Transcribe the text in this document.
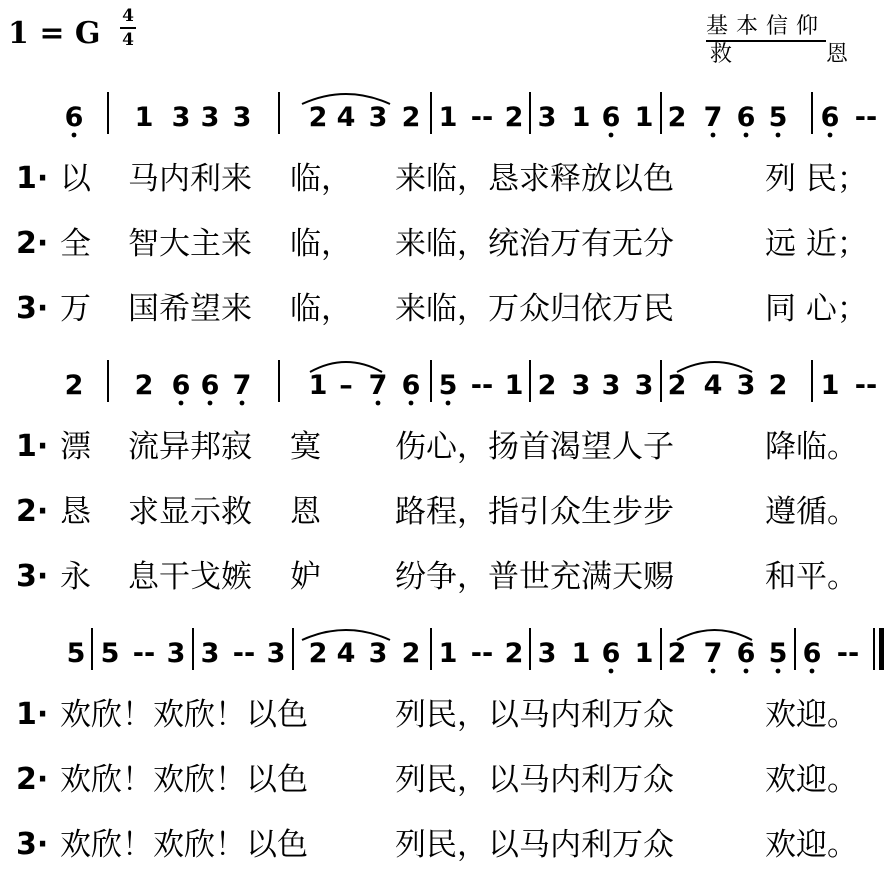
1 = G 4
4
基本信仰
救	恩
6 1 3 3 3 2 4 3 2 1 -- 2 3 1 6 1 2 7 6 5 6 --
1· 以 马内利来 临， 来临，恳求释放以色	列 民；
2· 全 智大主来 临， 来临，统治万有无分	远 近；
3· 万 国希望来 临， 来临，万众归依万民	同 心；
2 2 6 6 7 1 – 7 6 5 -- 1 2 3 3 3 2 4 3 2 1 --
1· 漂 流异邦寂 寞 伤心，扬首渴望人子	降临。
2· 恳 求显示救 恩 路程，指引众生步步	遵循。
3· 永 息干戈嫉 妒 纷争，普世充满天赐	和平。
5 5 -- 3 3 -- 3 2 4 3 2 1 -- 2 3 1 6 1 2 7 6 5 6 --
1· 欢欣！欢欣！以色	列民，以马内利万众	欢迎。
2· 欢欣！欢欣！以色	列民，以马内利万众	欢迎。
3· 欢欣！欢欣！以色	列民，以马内利万众	欢迎。
